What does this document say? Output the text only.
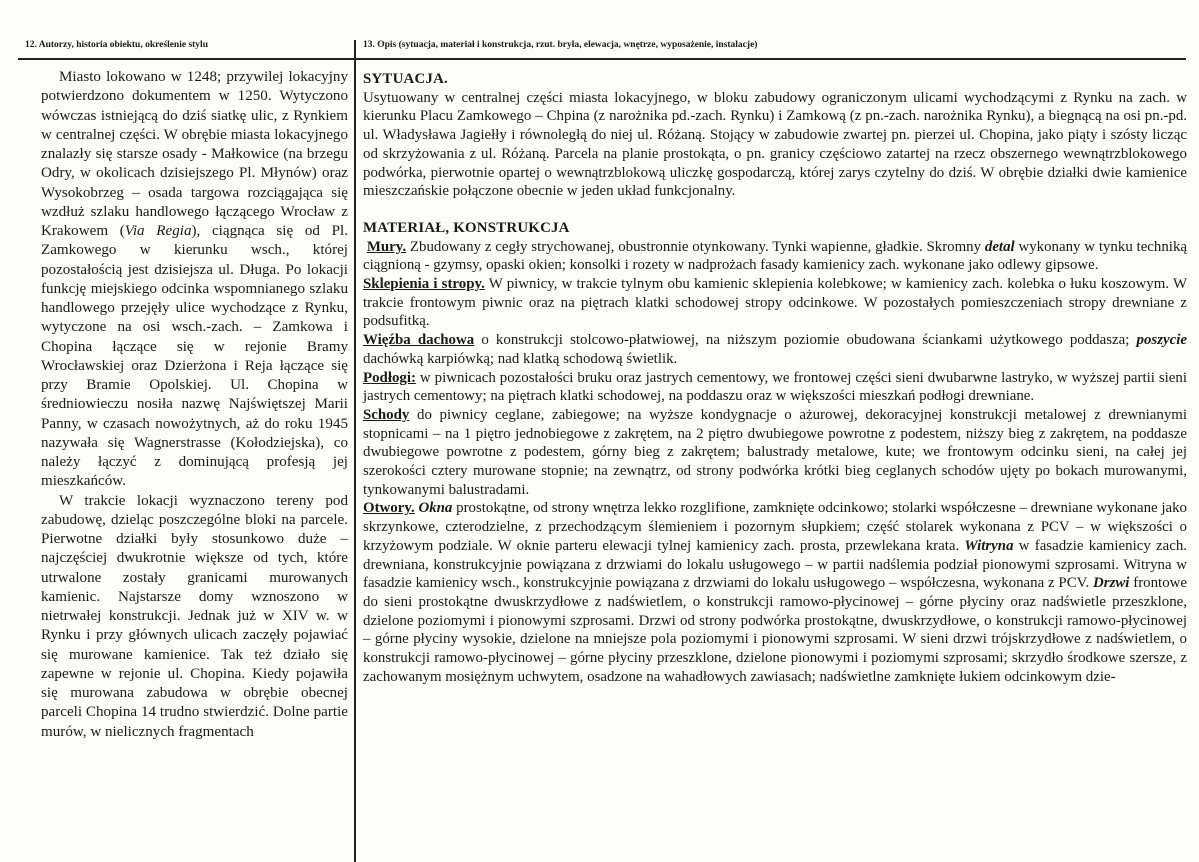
12. Autorzy, historia obiektu, określenie stylu	13. Opis (sytuacja, materiał i konstrukcja, rzut. bryła, elewacja, wnętrze, wyposażenie, instalacje)

Miasto lokowano w 1248; przywilej lokacyjny potwierdzono dokumentem w 1250. Wytyczono wówczas istniejącą do dziś siatkę ulic, z Rynkiem w centralnej części. W obrębie miasta lokacyjnego znalazły się starsze osady - Małkowice (na brzegu Odry, w okolicach dzisiejszego Pl. Młynów) oraz Wysokobrzeg – osada targowa rozciągająca się wzdłuż szlaku handlowego łączącego Wrocław z Krakowem (Via Regia), ciągnąca się od Pl. Zamkowego w kierunku wsch., której pozostałością jest dzisiejsza ul. Długa. Po lokacji funkcję miejskiego odcinka wspomnianego szlaku handlowego przejęły ulice wychodzące z Rynku, wytyczone na osi wsch.-zach. – Zamkowa i Chopina łączące się w rejonie Bramy Wrocławskiej oraz Dzierżona i Reja łączące się przy Bramie Opolskiej. Ul. Chopina w średniowieczu nosiła nazwę Najświętszej Marii Panny, w czasach nowożytnych, aż do roku 1945 nazywała się Wagnerstrasse (Kołodziejska), co należy łączyć z dominującą profesją jej mieszkańców.

W trakcie lokacji wyznaczono tereny pod zabudowę, dzieląc poszczególne bloki na parcele. Pierwotne działki były stosunkowo duże – najczęściej dwukrotnie większe od tych, które utrwalone zostały granicami murowanych kamienic. Najstarsze domy wznoszono w nietrwałej konstrukcji. Jednak już w XIV w. w Rynku i przy głównych ulicach zaczęły pojawiać się murowane kamienice. Tak też działo się zapewne w rejonie ul. Chopina. Kiedy pojawiła się murowana zabudowa w obrębie obecnej parceli Chopina 14 trudno stwierdzić. Dolne partie murów, w nielicznych fragmentach

SYTUACJA.

Usytuowany w centralnej części miasta lokacyjnego, w bloku zabudowy ograniczonym ulicami wychodzącymi z Rynku na zach. w kierunku Placu Zamkowego – Chpina (z narożnika pd.-zach. Rynku) i Zamkową (z pn.-zach. narożnika Rynku), a biegnącą na osi pn.-pd. ul. Władysława Jagiełły i równoległą do niej ul. Różaną. Stojący w zabudowie zwartej pn. pierzei ul. Chopina, jako piąty i szósty licząc od skrzyżowania z ul. Różaną. Parcela na planie prostokąta, o pn. granicy częściowo zatartej na rzecz obszernego wewnątrzblokowego podwórka, pierwotnie opartej o wewnątrzblokową uliczkę gospodarczą, której zarys czytelny do dziś. W obrębie działki dwie kamienice mieszczańskie połączone obecnie w jeden układ funkcjonalny.

MATERIAŁ, KONSTRUKCJA

Mury. Zbudowany z cegły strychowanej, obustronnie otynkowany. Tynki wapienne, gładkie. Skromny detal wykonany w tynku techniką ciągnioną - gzymsy, opaski okien; konsolki i rozety w nadprożach fasady kamienicy zach. wykonane jako odlewy gipsowe.

Sklepienia i stropy. W piwnicy, w trakcie tylnym obu kamienic sklepienia kolebkowe; w kamienicy zach. kolebka o łuku koszowym. W trakcie frontowym piwnic oraz na piętrach klatki schodowej stropy odcinkowe. W pozostałych pomieszczeniach stropy drewniane z podsufitką.

Więźba dachowa o konstrukcji stolcowo-płatwiowej, na niższym poziomie obudowana ściankami użytkowego poddasza; poszycie dachówką karpiówką; nad klatką schodową świetlik.

Podłogi: w piwnicach pozostałości bruku oraz jastrych cementowy, we frontowej części sieni dwubarwne lastryko, w wyższej partii sieni jastrych cementowy; na piętrach klatki schodowej, na poddaszu oraz w większości mieszkań podłogi drewniane.

Schody do piwnicy ceglane, zabiegowe; na wyższe kondygnacje o ażurowej, dekoracyjnej konstrukcji metalowej z drewnianymi stopnicami – na 1 piętro jednobiegowe z zakrętem, na 2 piętro dwubiegowe powrotne z podestem, niższy bieg z zakrętem, na poddasze dwubiegowe powrotne z podestem, górny bieg z zakrętem; balustrady metalowe, kute; we frontowym odcinku sieni, na całej jej szerokości cztery murowane stopnie; na zewnątrz, od strony podwórka krótki bieg ceglanych schodów ujęty po bokach murowanymi, tynkowanymi balustradami.

Otwory. Okna prostokątne, od strony wnętrza lekko rozglifione, zamknięte odcinkowo; stolarki współczesne – drewniane wykonane jako skrzynkowe, czterodzielne, z przechodzącym ślemieniem i pozornym słupkiem; część stolarek wykonana z PCV – w większości o krzyżowym podziale. W oknie parteru elewacji tylnej kamienicy zach. prosta, przewlekana krata. Witryna w fasadzie kamienicy zach. drewniana, konstrukcyjnie powiązana z drzwiami do lokalu usługowego – w partii nadślemia podział pionowymi szprosami. Witryna w fasadzie kamienicy wsch., konstrukcyjnie powiązana z drzwiami do lokalu usługowego – współczesna, wykonana z PCV. Drzwi frontowe do sieni prostokątne dwuskrzydłowe z nadświetlem, o konstrukcji ramowo-płycinowej – górne płyciny oraz nadświetle przeszklone, dzielone poziomymi i pionowymi szprosami. Drzwi od strony podwórka prostokątne, dwuskrzydłowe, o konstrukcji ramowo-płycinowej – górne płyciny wysokie, dzielone na mniejsze pola poziomymi i pionowymi szprosami. W sieni drzwi trójskrzydłowe z nadświetlem, o konstrukcji ramowo-płycinowej – górne płyciny przeszklone, dzielone pionowymi i poziomymi szprosami; skrzydło środkowe szersze, z zachowanym mosiężnym uchwytem, osadzone na wahadłowych zawiasach; nadświetlne zamknięte łukiem odcinkowym dzie-
